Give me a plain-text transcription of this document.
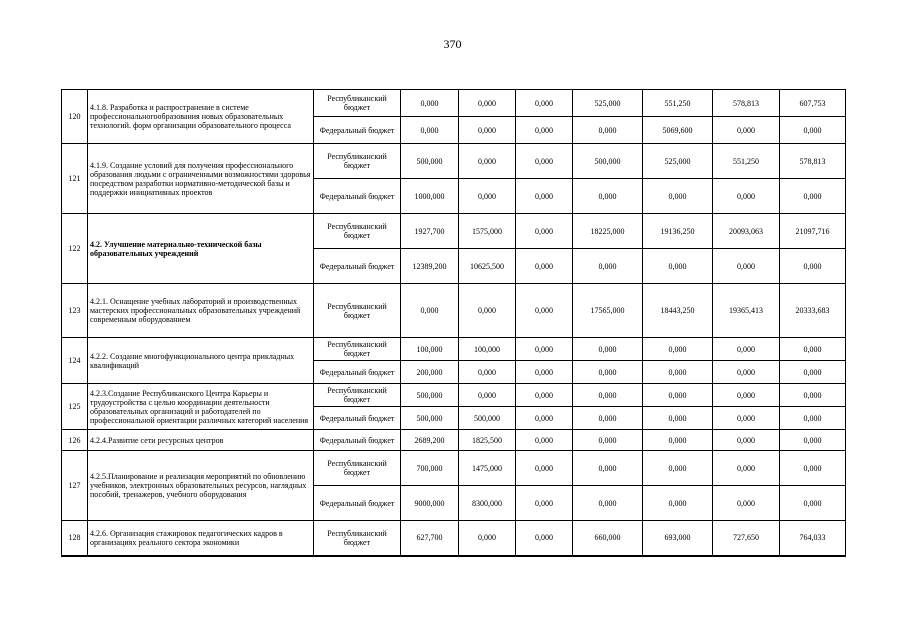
370
120	4.1.8. Разработка и распространение в системе профессиональногообразования новых образовательных технологий. форм организации образовательного процесса	Республиканский бюджет	0,000	0,000	0,000	525,000	551,250	578,813	607,753
		Федеральный бюджет	0,000	0,000	0,000	0,000	5069,600	0,000	0,000
121	4.1.9. Создание условий для получения профессионального образования людьми с ограниченными возможностями здоровья посредством разработки нормативно-методической базы и поддержки инициативных проектов	Республиканский бюджет	500,000	0,000	0,000	500,000	525,000	551,250	578,813
		Федеральный бюджет	1000,000	0,000	0,000	0,000	0,000	0,000	0,000
122	4.2. Улучшение материально-технической базы образовательных учреждений	Республиканский бюджет	1927,700	1575,000	0,000	18225,000	19136,250	20093,063	21097,716
		Федеральный бюджет	12389,200	10625,500	0,000	0,000	0,000	0,000	0,000
123	4.2.1. Оснащение учебных лабораторий и производственных мастерских профессиональных образовательных учреждений современным оборудованием	Республиканский бюджет	0,000	0,000	0,000	17565,000	18443,250	19365,413	20333,683
124	4.2.2. Создание многофункционального центра прикладных квалификаций	Республиканский бюджет	100,000	100,000	0,000	0,000	0,000	0,000	0,000
		Федеральный бюджет	200,000	0,000	0,000	0,000	0,000	0,000	0,000
125	4.2.3.Создание Республиканского Центра Карьеры и трудоустройства с целью координации деятельности образовательных организаций и работодателей по профессиональной ориентации различных категорий населения	Республиканский бюджет	500,000	0,000	0,000	0,000	0,000	0,000	0,000
		Федеральный бюджет	500,000	500,000	0,000	0,000	0,000	0,000	0,000
126	4.2.4.Развитие сети ресурсных центров	Федеральный бюджет	2689,200	1825,500	0,000	0,000	0,000	0,000	0,000
127	4.2.5.Планирование и реализация мероприятий по обновлению учебников, электронных образовательных ресурсов, наглядных пособий, тренажеров, учебного оборудования	Республиканский бюджет	700,000	1475,000	0,000	0,000	0,000	0,000	0,000
		Федеральный бюджет	9000,000	8300,000	0,000	0,000	0,000	0,000	0,000
128	4.2.6. Организация стажировок педагогических кадров в организациях реального сектора экономики	Республиканский бюджет	627,700	0,000	0,000	660,000	693,000	727,650	764,033
